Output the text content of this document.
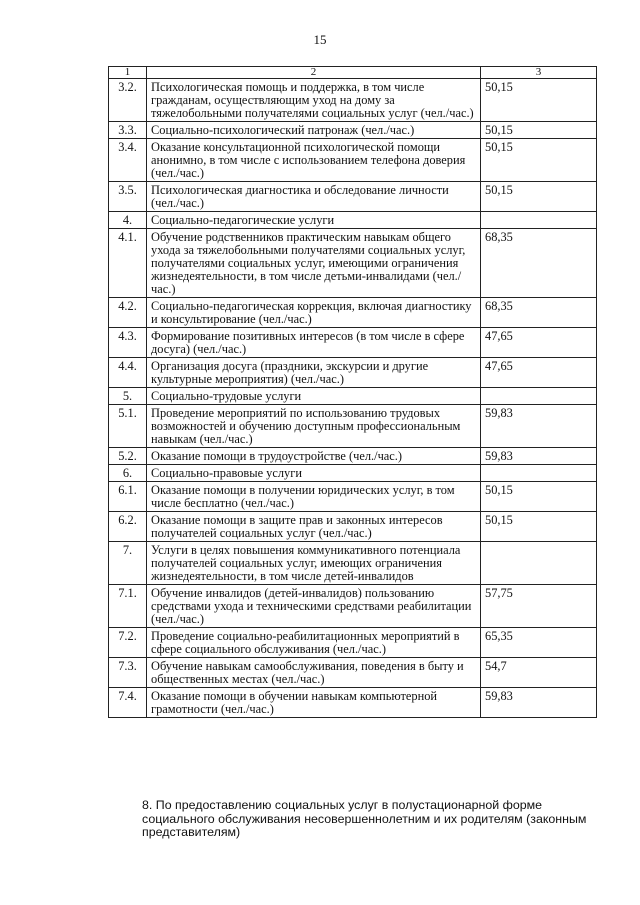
15
1	2	3
3.2.	Психологическая помощь и поддержка, в том числе гражданам, осуществляющим уход на дому за тяжелобольными получателями социальных услуг (чел./час.)	50,15
3.3.	Социально-психологический патронаж (чел./час.)	50,15
3.4.	Оказание консультационной психологической помощи анонимно, в том числе с использованием телефона доверия (чел./час.)	50,15
3.5.	Психологическая диагностика и обследование личности (чел./час.)	50,15
4.	Социально-педагогические услуги	
4.1.	Обучение родственников практическим навыкам общего ухода за тяжелобольными получателями социальных услуг, получателями социальных услуг, имеющими ограничения жизнедеятельности, в том числе детьми-инвалидами (чел./час.)	68,35
4.2.	Социально-педагогическая коррекция, включая диагностику и консультирование (чел./час.)	68,35
4.3.	Формирование позитивных интересов (в том числе в сфере досуга) (чел./час.)	47,65
4.4.	Организация досуга (праздники, экскурсии и другие культурные мероприятия) (чел./час.)	47,65
5.	Социально-трудовые услуги	
5.1.	Проведение мероприятий по использованию трудовых возможностей и обучению доступным профессиональным навыкам (чел./час.)	59,83
5.2.	Оказание помощи в трудоустройстве (чел./час.)	59,83
6.	Социально-правовые услуги	
6.1.	Оказание помощи в получении юридических услуг, в том числе бесплатно (чел./час.)	50,15
6.2.	Оказание помощи в защите прав и законных интересов получателей социальных услуг (чел./час.)	50,15
7.	Услуги в целях повышения коммуникативного потенциала получателей социальных услуг, имеющих ограничения жизнедеятельности, в том числе детей-инвалидов	
7.1.	Обучение инвалидов (детей-инвалидов) пользованию средствами ухода и техническими средствами реабилитации (чел./час.)	57,75
7.2.	Проведение социально-реабилитационных мероприятий в сфере социального обслуживания (чел./час.)	65,35
7.3.	Обучение навыкам самообслуживания, поведения в быту и общественных местах (чел./час.)	54,7
7.4.	Оказание помощи в обучении навыкам компьютерной грамотности (чел./час.)	59,83
8. По предоставлению социальных услуг в полустационарной форме социального обслуживания несовершеннолетним и их родителям (законным представителям)
